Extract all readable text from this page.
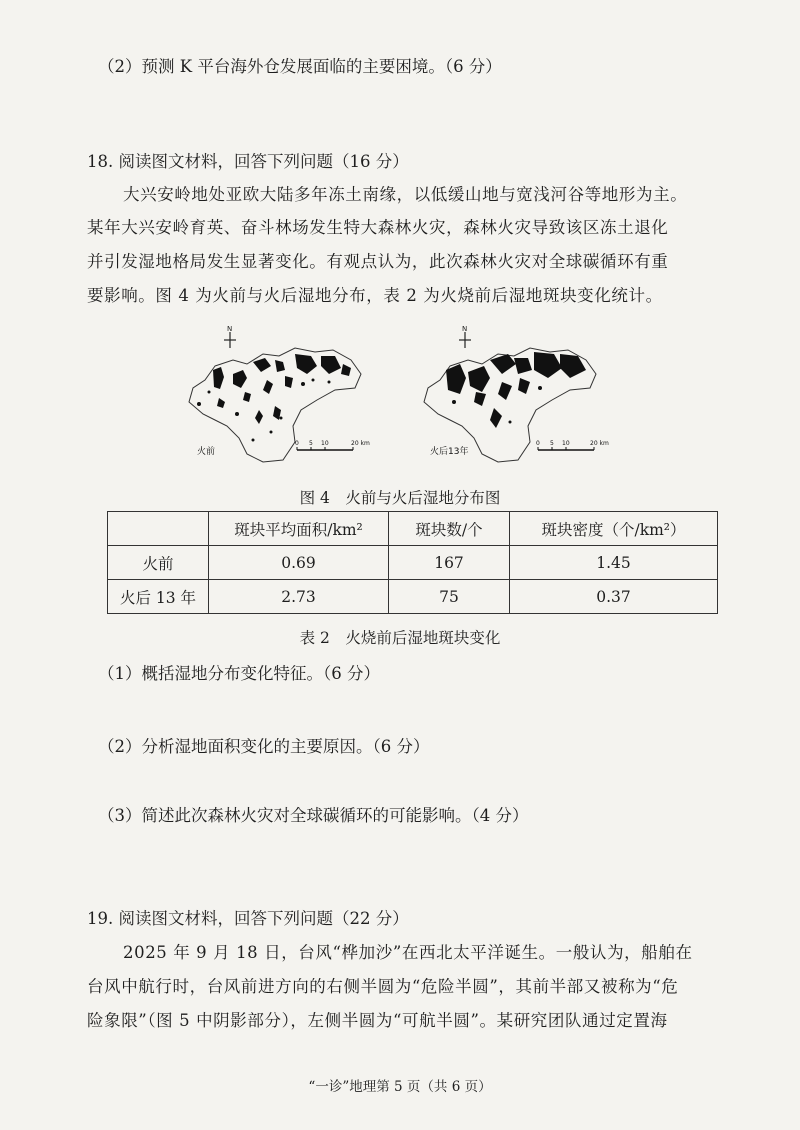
（2）预测 K 平台海外仓发展面临的主要困境。（6 分）
18. 阅读图文材料，回答下列问题（16 分）
大兴安岭地处亚欧大陆多年冻土南缘，以低缓山地与宽浅河谷等地形为主。
某年大兴安岭育英、奋斗林场发生特大森林火灾，森林火灾导致该区冻土退化
并引发湿地格局发生显著变化。有观点认为，此次森林火灾对全球碳循环有重
要影响。图 4 为火前与火后湿地分布，表 2 为火烧前后湿地斑块变化统计。
N
火前
0 5 10	20 km
N
火后13年
0 5 10	20 km
图 4　火前与火后湿地分布图
	斑块平均面积/km²	斑块数/个	斑块密度（个/km²）
火前	0.69	167	1.45
火后 13 年	2.73	75	0.37
表 2　火烧前后湿地斑块变化
（1）概括湿地分布变化特征。（6 分）
（2）分析湿地面积变化的主要原因。（6 分）
（3）简述此次森林火灾对全球碳循环的可能影响。（4 分）
19. 阅读图文材料，回答下列问题（22 分）
2025 年 9 月 18 日，台风“桦加沙”在西北太平洋诞生。一般认为，船舶在
台风中航行时，台风前进方向的右侧半圆为“危险半圆”，其前半部又被称为“危
险象限”（图 5 中阴影部分），左侧半圆为“可航半圆”。某研究团队通过定置海
“一诊”地理第 5 页（共 6 页）
